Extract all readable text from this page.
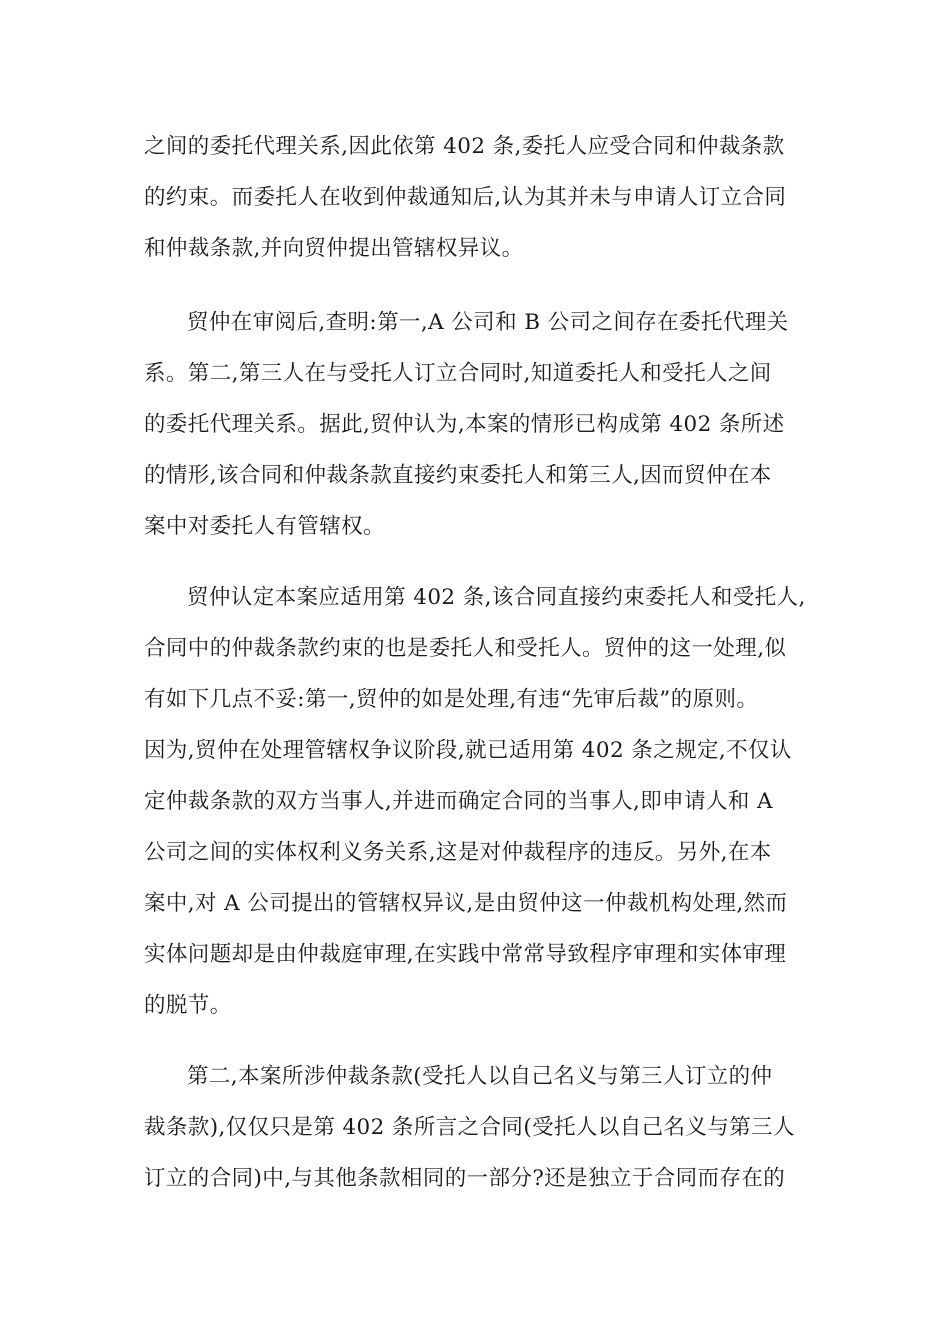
之间的委托代理关系,因此依第 402 条,委托人应受合同和仲裁条款
的约束。而委托人在收到仲裁通知后,认为其并未与申请人订立合同
和仲裁条款,并向贸仲提出管辖权异议。
贸仲在审阅后,查明:第一,A 公司和 B 公司之间存在委托代理关
系。第二,第三人在与受托人订立合同时,知道委托人和受托人之间
的委托代理关系。据此,贸仲认为,本案的情形已构成第 402 条所述
的情形,该合同和仲裁条款直接约束委托人和第三人,因而贸仲在本
案中对委托人有管辖权。
贸仲认定本案应适用第 402 条,该合同直接约束委托人和受托人,
合同中的仲裁条款约束的也是委托人和受托人。贸仲的这一处理,似
有如下几点不妥:第一,贸仲的如是处理,有违“先审后裁”的原则。
因为,贸仲在处理管辖权争议阶段,就已适用第 402 条之规定,不仅认
定仲裁条款的双方当事人,并进而确定合同的当事人,即申请人和 A
公司之间的实体权利义务关系,这是对仲裁程序的违反。另外,在本
案中,对 A 公司提出的管辖权异议,是由贸仲这一仲裁机构处理,然而
实体问题却是由仲裁庭审理,在实践中常常导致程序审理和实体审理
的脱节。
第二,本案所涉仲裁条款(受托人以自己名义与第三人订立的仲
裁条款),仅仅只是第 402 条所言之合同(受托人以自己名义与第三人
订立的合同)中,与其他条款相同的一部分?还是独立于合同而存在的
